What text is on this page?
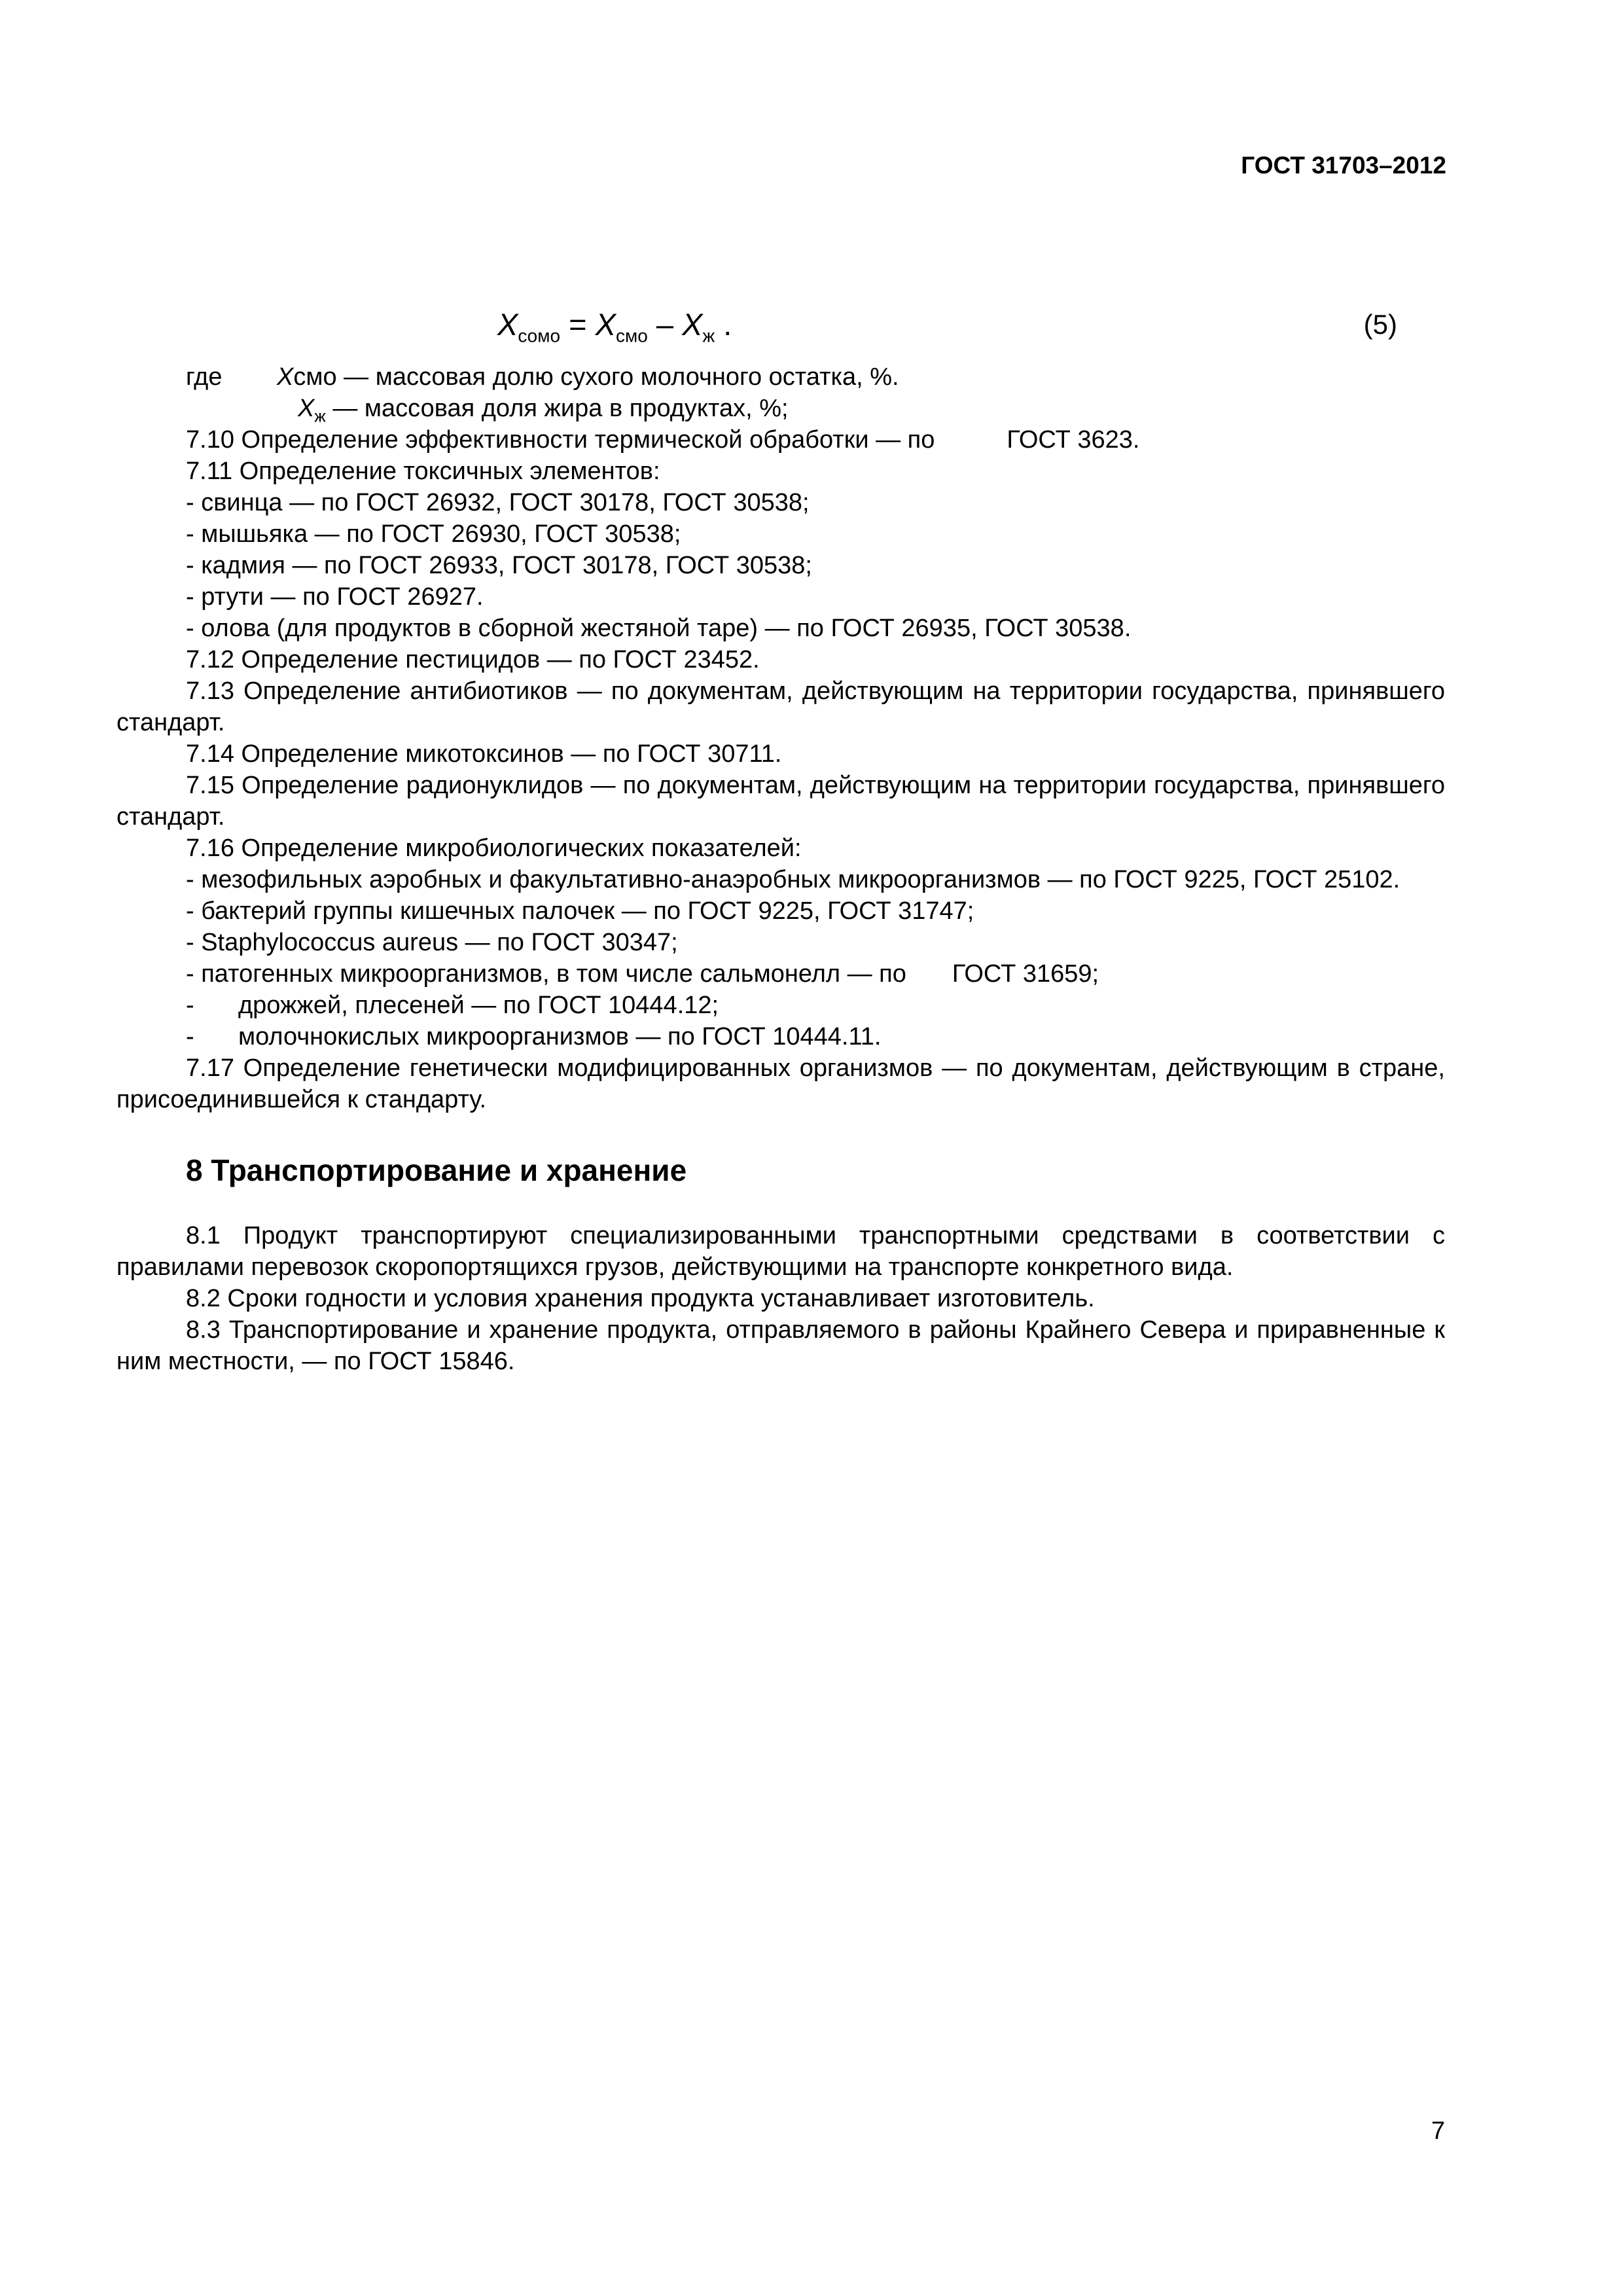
ГОСТ 31703–2012
$X_{сомо} = X_{смо} - X_ж$ .	(5)
где Xсмо — массовая долю сухого молочного остатка, %.
$X_ж$ — массовая доля жира в продуктах, %;

7.10 Определение эффективности термической обработки — по	ГОСТ 3623.

7.11 Определение токсичных элементов:

- свинца — по ГОСТ 26932, ГОСТ 30178, ГОСТ 30538;

- мышьяка — по ГОСТ 26930, ГОСТ 30538;

- кадмия — по ГОСТ 26933, ГОСТ 30178, ГОСТ 30538;

- ртути — по ГОСТ 26927.

- олова (для продуктов в сборной жестяной таре) — по ГОСТ 26935, ГОСТ 30538.

7.12 Определение пестицидов — по ГОСТ 23452.

7.13 Определение антибиотиков — по документам, действующим на территории государства, принявшего стандарт.

7.14 Определение микотоксинов — по ГОСТ 30711.

7.15 Определение радионуклидов — по документам, действующим на территории государства, принявшего стандарт.

7.16 Определение микробиологических показателей:

- мезофильных аэробных и факультативно-анаэробных микроорганизмов — по ГОСТ 9225, ГОСТ 25102.

- бактерий группы кишечных палочек — по ГОСТ 9225, ГОСТ 31747;

- Staphylococcus aureus — по ГОСТ 30347;

- патогенных микроорганизмов, в том числе сальмонелл — по ГОСТ 31659;

- дрожжей, плесеней — по ГОСТ 10444.12;

- молочнокислых микроорганизмов — по ГОСТ 10444.11.

7.17 Определение генетически модифицированных организмов — по документам, действующим в стране, присоединившейся к стандарту.

8 Транспортирование и хранение

8.1 Продукт транспортируют специализированными транспортными средствами в соответствии с правилами перевозок скоропортящихся грузов, действующими на транспорте конкретного вида.

8.2 Сроки годности и условия хранения продукта устанавливает изготовитель.

8.3 Транспортирование и хранение продукта, отправляемого в районы Крайнего Севера и приравненные к ним местности, — по ГОСТ 15846.

7
